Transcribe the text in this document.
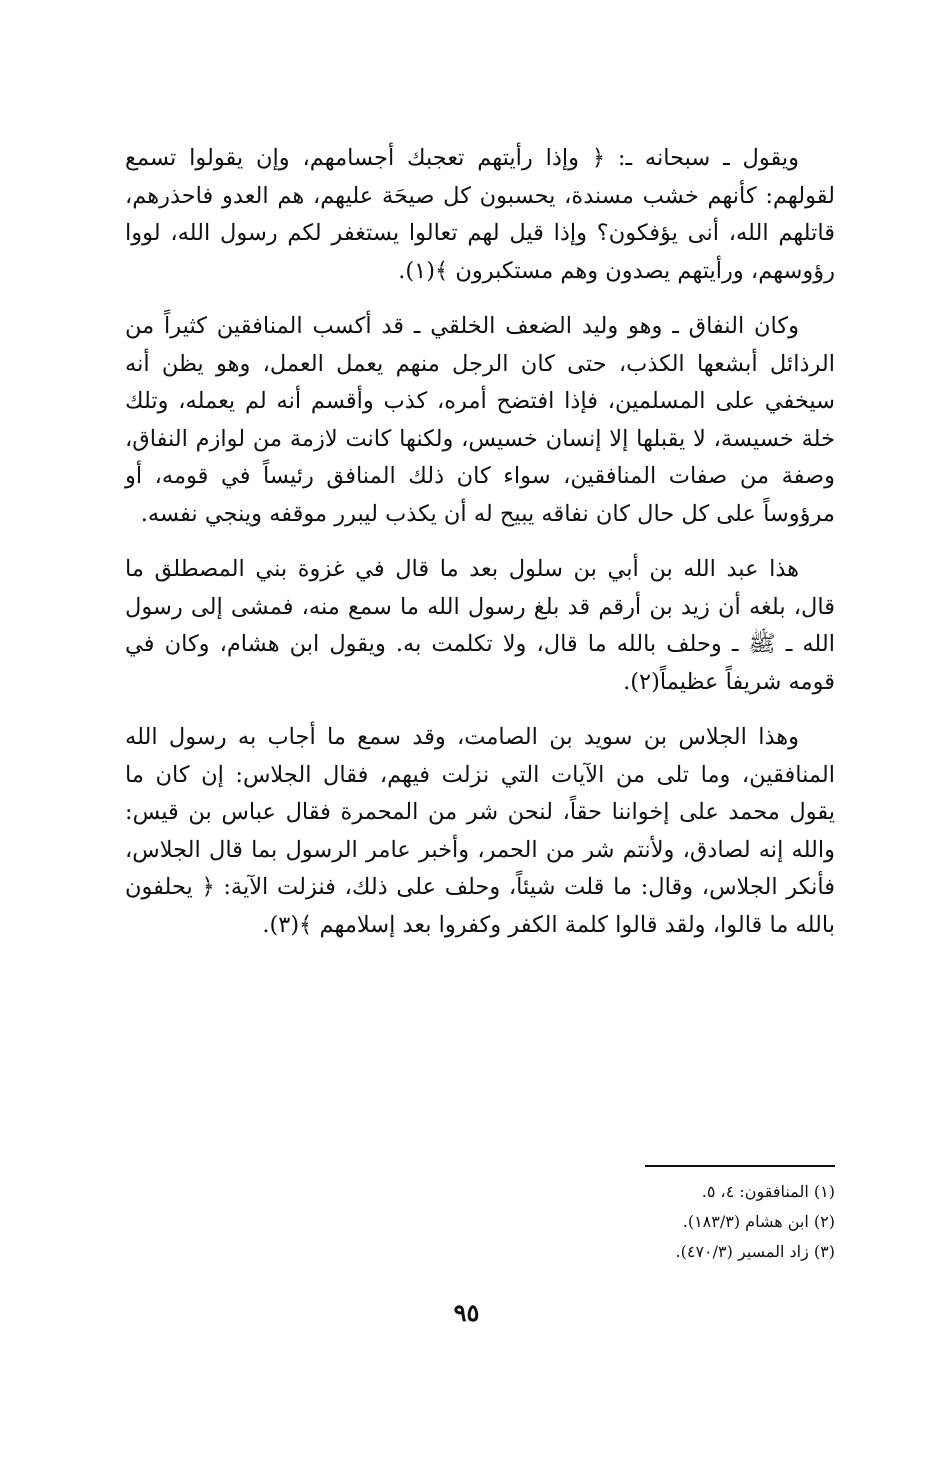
ويقول ـ سبحانه ـ: ﴿ وإذا رأيتهم تعجبك أجسامهم، وإن يقولوا تسمع لقولهم: كأنهم خشب مسندة، يحسبون كل صيحَة عليهم، هم العدو فاحذرهم، قاتلهم الله، أنى يؤفكون؟ وإذا قيل لهم تعالوا يستغفر لكم رسول الله، لووا رؤوسهم، ورأيتهم يصدون وهم مستكبرون ﴾(١).

وكان النفاق ـ وهو وليد الضعف الخلقي ـ قد أكسب المنافقين كثيراً من الرذائل أبشعها الكذب، حتى كان الرجل منهم يعمل العمل، وهو يظن أنه سيخفي على المسلمين، فإذا افتضح أمره، كذب وأقسم أنه لم يعمله، وتلك خلة خسيسة، لا يقبلها إلا إنسان خسيس، ولكنها كانت لازمة من لوازم النفاق، وصفة من صفات المنافقين، سواء كان ذلك المنافق رئيساً في قومه، أو مرؤوساً على كل حال كان نفاقه يبيح له أن يكذب ليبرر موقفه وينجي نفسه.

هذا عبد الله بن أبي بن سلول بعد ما قال في غزوة بني المصطلق ما قال، بلغه أن زيد بن أرقم قد بلغ رسول الله ما سمع منه، فمشى إلى رسول الله ـ ﷺ ـ وحلف بالله ما قال، ولا تكلمت به. ويقول ابن هشام، وكان في قومه شريفاً عظيماً(٢).

وهذا الجلاس بن سويد بن الصامت، وقد سمع ما أجاب به رسول الله المنافقين، وما تلى من الآيات التي نزلت فيهم، فقال الجلاس: إن كان ما يقول محمد على إخواننا حقاً، لنحن شر من المحمرة فقال عباس بن قيس: والله إنه لصادق، ولأنتم شر من الحمر، وأخبر عامر الرسول بما قال الجلاس، فأنكر الجلاس، وقال: ما قلت شيئاً، وحلف على ذلك، فنزلت الآية: ﴿ يحلفون بالله ما قالوا، ولقد قالوا كلمة الكفر وكفروا بعد إسلامهم ﴾(٣).

(١) المنافقون: ٤، ٥.

(٢) ابن هشام (١٨٣/٣).

(٣) زاد المسير (٤٧٠/٣).

٩٥
